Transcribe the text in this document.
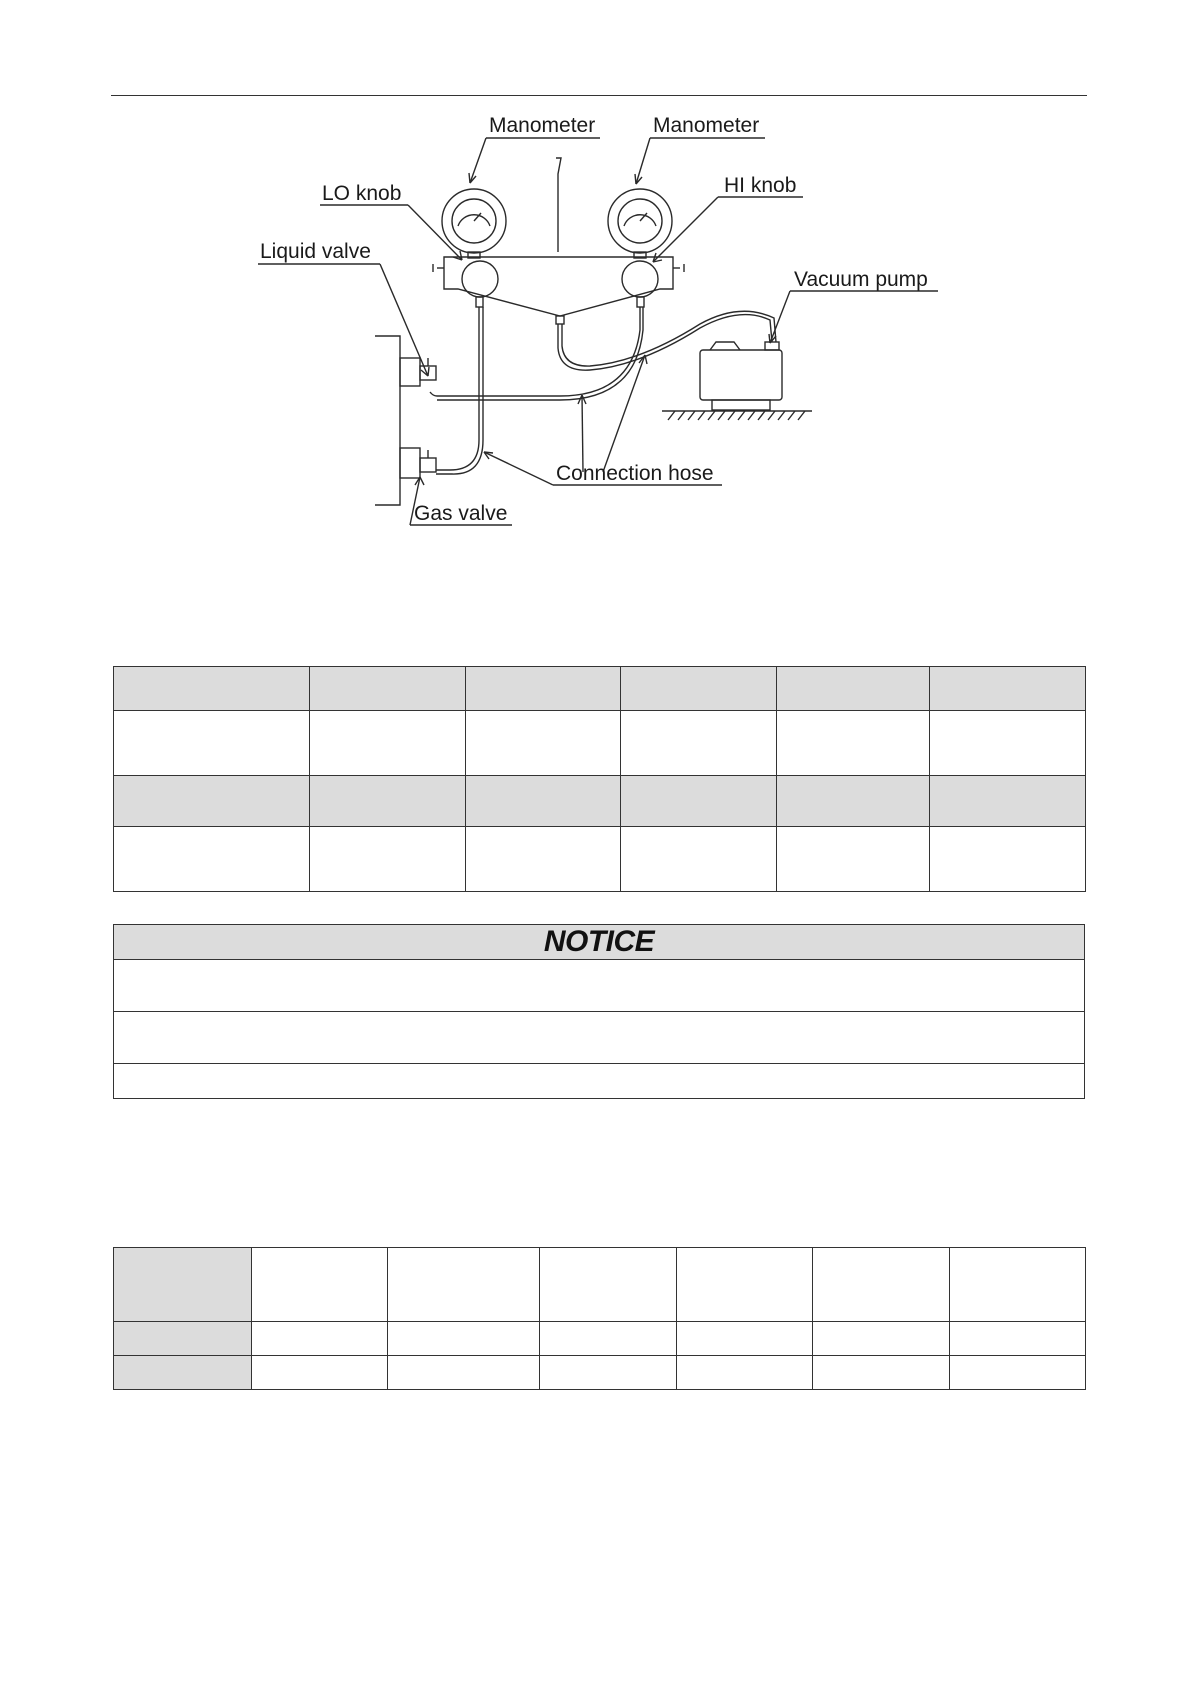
Manometer	Manometer
LO knob	HI knob
Liquid valve
Vacuum pump
Connection hose
Gas valve

NOTICE
